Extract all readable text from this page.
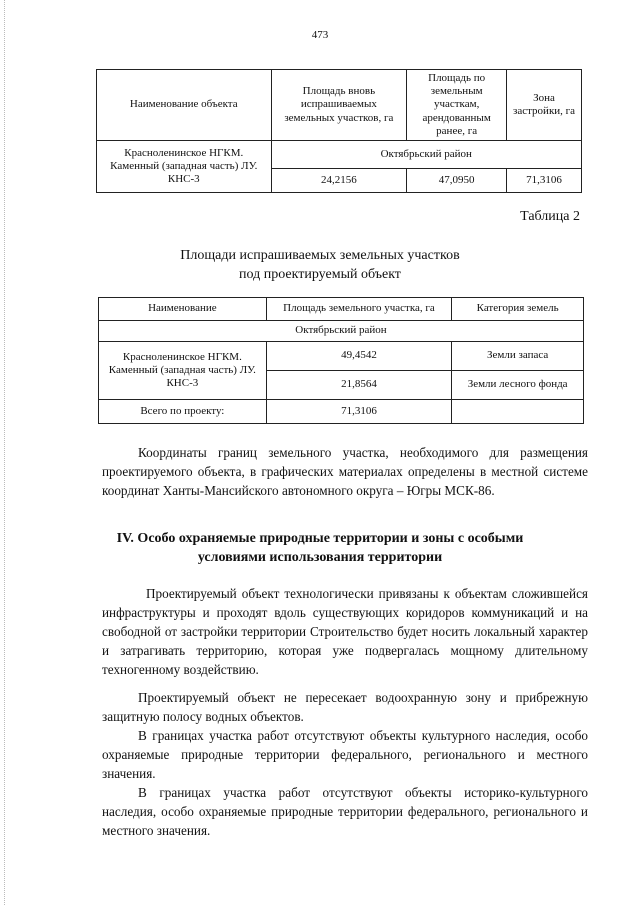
473
Наименование объекта	Площадь вновь испрашиваемых земельных участков, га	Площадь по земельным участкам, арендованным ранее, га	Зона застройки, га
Красноленинское НГКМ. Каменный (западная часть) ЛУ. КНС-3	Октябрьский район		
	24,2156	47,0950	71,3106
Таблица 2
Площади испрашиваемых земельных участков
под проектируемый объект
Наименование	Площадь земельного участка, га	Категория земель
Октябрьский район		
Красноленинское НГКМ. Каменный (западная часть) ЛУ. КНС-3	49,4542	Земли запаса
	21,8564	Земли лесного фонда
Всего по проекту:	71,3106	
Координаты границ земельного участка, необходимого для размещения проектируемого объекта, в графических материалах определены в местной системе координат Ханты-Мансийского автономного округа – Югры МСК-86.
IV. Особо охраняемые природные территории и зоны с особыми
условиями использования территории
Проектируемый объект технологически привязаны к объектам сложившейся инфраструктуры и проходят вдоль существующих коридоров коммуникаций и на свободной от застройки территории Строительство будет носить локальный характер и затрагивать территорию, которая уже подвергалась мощному длительному техногенному воздействию.
Проектируемый объект не пересекает водоохранную зону и прибрежную защитную полосу водных объектов.
В границах участка работ отсутствуют объекты культурного наследия, особо охраняемые природные территории федерального, регионального и местного значения.
В границах участка работ отсутствуют объекты историко-культурного наследия, особо охраняемые природные территории федерального, регионального и местного значения.
